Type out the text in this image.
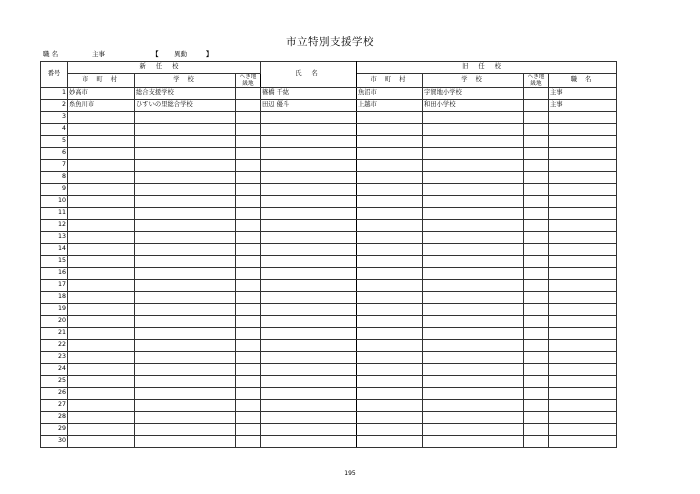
市立特別支援学校
職 名	主事	【 異動	】
番号	新任校			氏 名	旧任校			
	市 町 村	学 校	へき地級地		市 町 村	学 校	へき地級地	職 名
1	妙高市	総合支援学校		篠橋 千紘	魚沼市	宇賀地小学校		主事
2	糸魚川市	ひすいの里総合学校		田辺 優斗	上越市	和田小学校		主事
3								
4								
5								
6								
7								
8								
9								
10								
11								
12								
13								
14								
15								
16								
17								
18								
19								
20								
21								
22								
23								
24								
25								
26								
27								
28								
29								
30								
195
